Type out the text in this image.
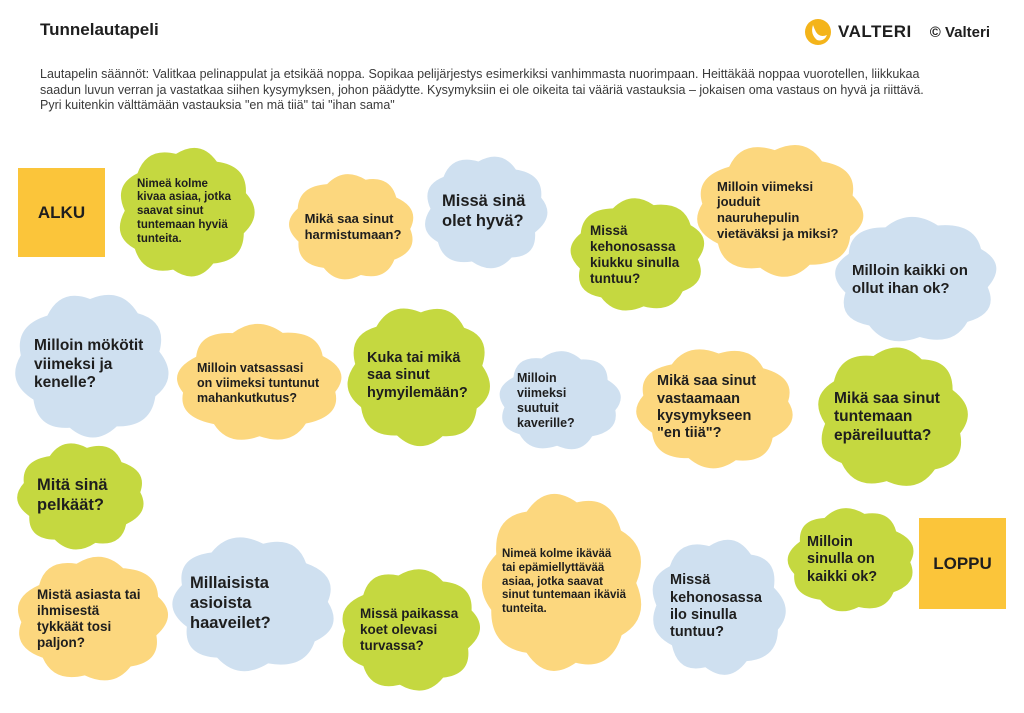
Tunnelautapeli	VALTERI © Valteri
Lautapelin säännöt: Valitkaa pelinappulat ja etsikää noppa. Sopikaa pelijärjestys esimerkiksi vanhimmasta nuorimpaan. Heittäkää noppaa vuorotellen, liikkukaa saadun luvun verran ja vastatkaa siihen kysymyksen, johon päädytte. Kysymyksiin ei ole oikeita tai vääriä vastauksia – jokaisen oma vastaus on hyvä ja riittävä. Pyri kuitenkin välttämään vastauksia "en mä tiiä" tai "ihan sama"
ALKU
LOPPU
Nimeä kolme kivaa asiaa, jotka saavat sinut tuntemaan hyviä tunteita.
Mikä saa sinut harmistumaan?
Missä sinä olet hyvä?
Missä kehonosassa kiukku sinulla tuntuu?
Milloin viimeksi jouduit nauruhepulin vietäväksi ja miksi?
Milloin kaikki on ollut ihan ok?
Milloin mökötit viimeksi ja kenelle?
Milloin vatsassasi on viimeksi tuntunut mahankutkutus?
Kuka tai mikä saa sinut hymyilemään?
Milloin viimeksi suutuit kaverille?
Mikä saa sinut vastaamaan kysymykseen "en tiiä"?
Mikä saa sinut tuntemaan epäreiluutta?
Mitä sinä pelkäät?
Mistä asiasta tai ihmisestä tykkäät tosi paljon?
Millaisista asioista haaveilet?
Missä paikassa koet olevasi turvassa?
Nimeä kolme ikävää tai epämiellyttävää asiaa, jotka saavat sinut tuntemaan ikäviä tunteita.
Missä kehonosassa ilo sinulla tuntuu?
Milloin sinulla on kaikki ok?
